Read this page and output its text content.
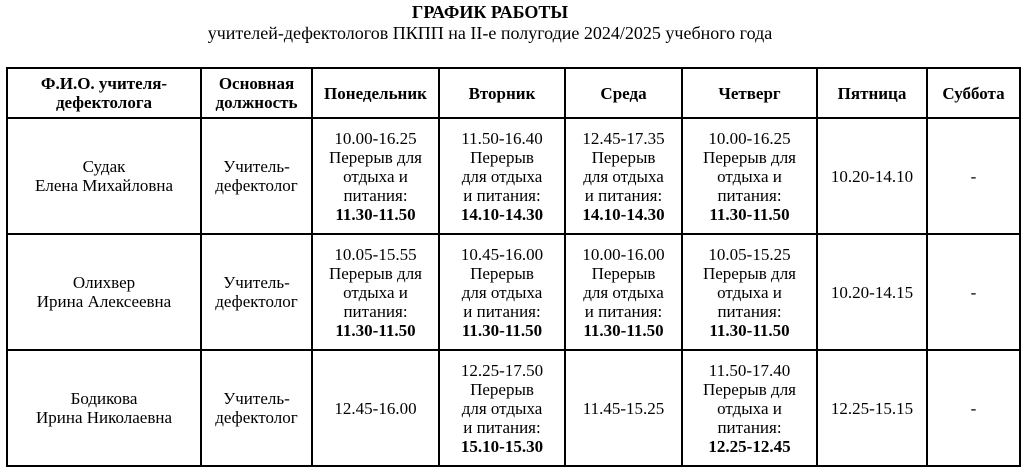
ГРАФИК РАБОТЫ
учителей-дефектологов ПКПП на II-е полугодие 2024/2025 учебного года
Ф.И.О. учителя-
дефектолога	Основная
должность	Понедельник	Вторник	Среда	Четверг	Пятница	Суббота

Судак
Елена Михайловна	Учитель-
дефектолог	10.00-16.25
Перерыв для
отдыха и
питания:
11.30-11.50	11.50-16.40
Перерыв
для отдыха
и питания:
14.10-14.30	12.45-17.35
Перерыв
для отдыха
и питания:
14.10-14.30	10.00-16.25
Перерыв для
отдыха и
питания:
11.30-11.50	10.20-14.10	-

Олихвер
Ирина Алексеевна	Учитель-
дефектолог	10.05-15.55
Перерыв для
отдыха и
питания:
11.30-11.50	10.45-16.00
Перерыв
для отдыха
и питания:
11.30-11.50	10.00-16.00
Перерыв
для отдыха
и питания:
11.30-11.50	10.05-15.25
Перерыв для
отдыха и
питания:
11.30-11.50	10.20-14.15	-

Бодикова
Ирина Николаевна	Учитель-
дефектолог	12.45-16.00	12.25-17.50
Перерыв
для отдыха
и питания:
15.10-15.30	11.45-15.25	11.50-17.40
Перерыв для
отдыха и
питания:
12.25-12.45	12.25-15.15	-
